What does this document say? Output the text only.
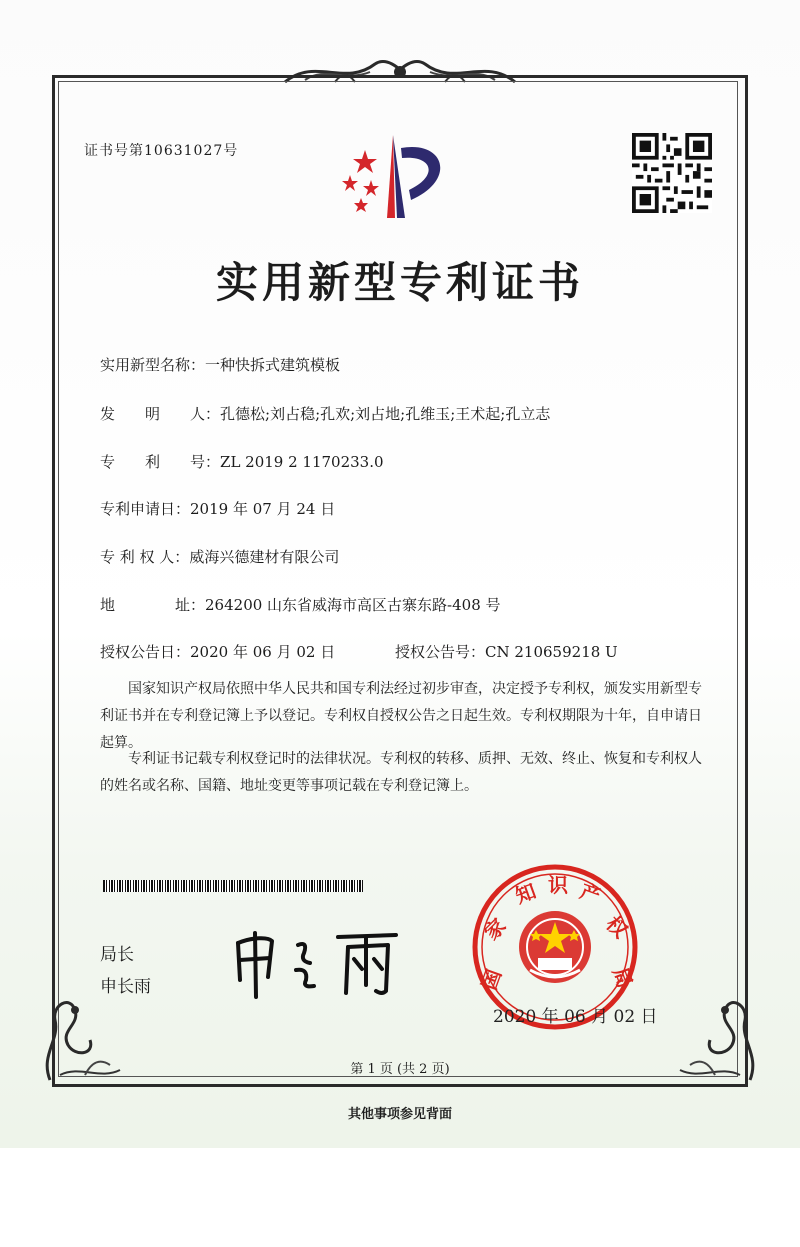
证书号第10631027号
实用新型专利证书
实用新型名称：一种快拆式建筑模板
发　　明　　人：孔德松;刘占稳;孔欢;刘占地;孔维玉;王术起;孔立志
专　　利　　号：ZL 2019 2 1170233.0
专利申请日：2019 年 07 月 24 日
专 利 权 人：威海兴德建材有限公司
地　　　　址：264200 山东省威海市高区古寨东路-408 号
授权公告日：2020 年 06 月 02 日	授权公告号：CN 210659218 U

国家知识产权局依照中华人民共和国专利法经过初步审查，决定授予专利权，颁发实用新型专利证书并在专利登记簿上予以登记。专利权自授权公告之日起生效。专利权期限为十年，自申请日起算。

专利证书记载专利权登记时的法律状况。专利权的转移、质押、无效、终止、恢复和专利权人的姓名或名称、国籍、地址变更等事项记载在专利登记簿上。

局长
申长雨	国
家
知 识 产
权
局
2020 年 06 月 02 日
第 1 页 (共 2 页)
其他事项参见背面
